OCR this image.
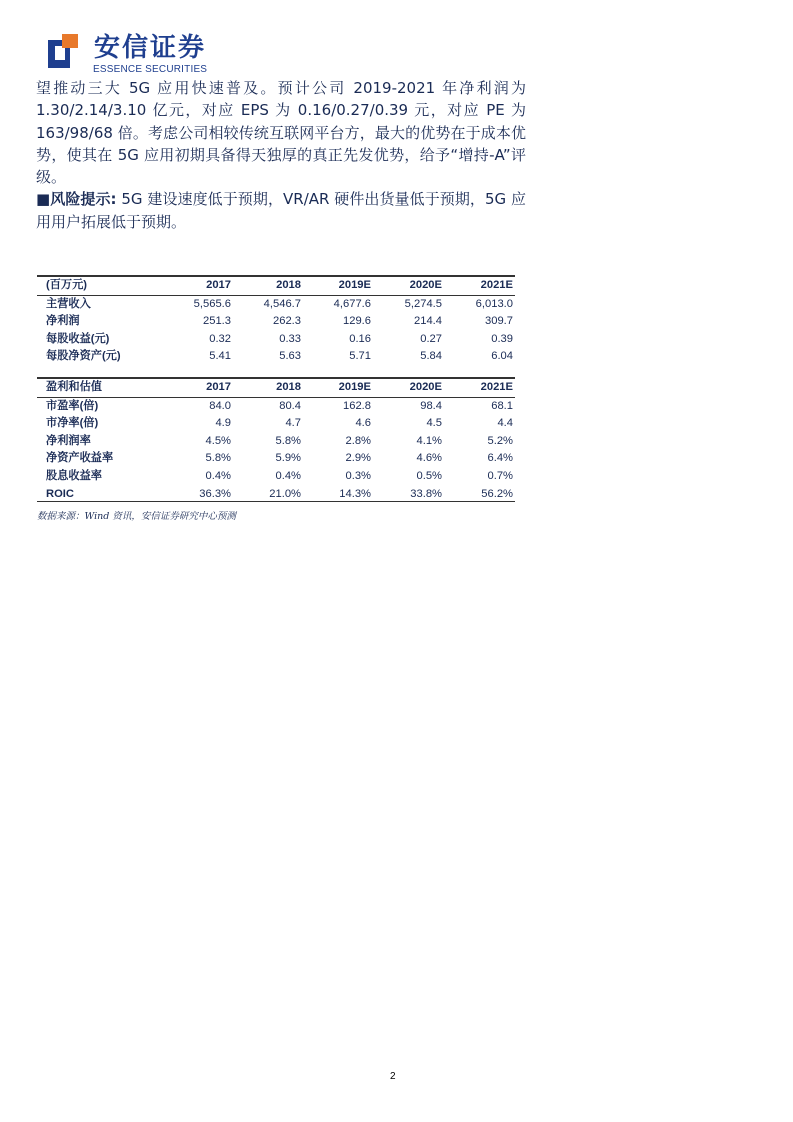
安信证券
ESSENCE SECURITIES

望推动三大 5G 应用快速普及。预计公司 2019-2021 年净利润为 1.30/2.14/3.10 亿元，对应 EPS 为 0.16/0.27/0.39 元，对应 PE 为 163/98/68 倍。考虑公司相较传统互联网平台方，最大的优势在于成本优势，使其在 5G 应用初期具备得天独厚的真正先发优势，给予“增持-A”评级。

■风险提示: 5G 建设速度低于预期，VR/AR 硬件出货量低于预期，5G 应用用户拓展低于预期。

(百万元)	2017	2018	2019E	2020E	2021E
主营收入	5,565.6	4,546.7	4,677.6	5,274.5	6,013.0
净利润	251.3	262.3	129.6	214.4	309.7
每股收益(元)	0.32	0.33	0.16	0.27	0.39
每股净资产(元)	5.41	5.63	5.71	5.84	6.04
盈利和估值	2017	2018	2019E	2020E	2021E
市盈率(倍)	84.0	80.4	162.8	98.4	68.1
市净率(倍)	4.9	4.7	4.6	4.5	4.4
净利润率	4.5%	5.8%	2.8%	4.1%	5.2%
净资产收益率	5.8%	5.9%	2.9%	4.6%	6.4%
股息收益率	0.4%	0.4%	0.3%	0.5%	0.7%
ROIC	36.3%	21.0%	14.3%	33.8%	56.2%
数据来源：Wind 资讯，安信证券研究中心预测
2
